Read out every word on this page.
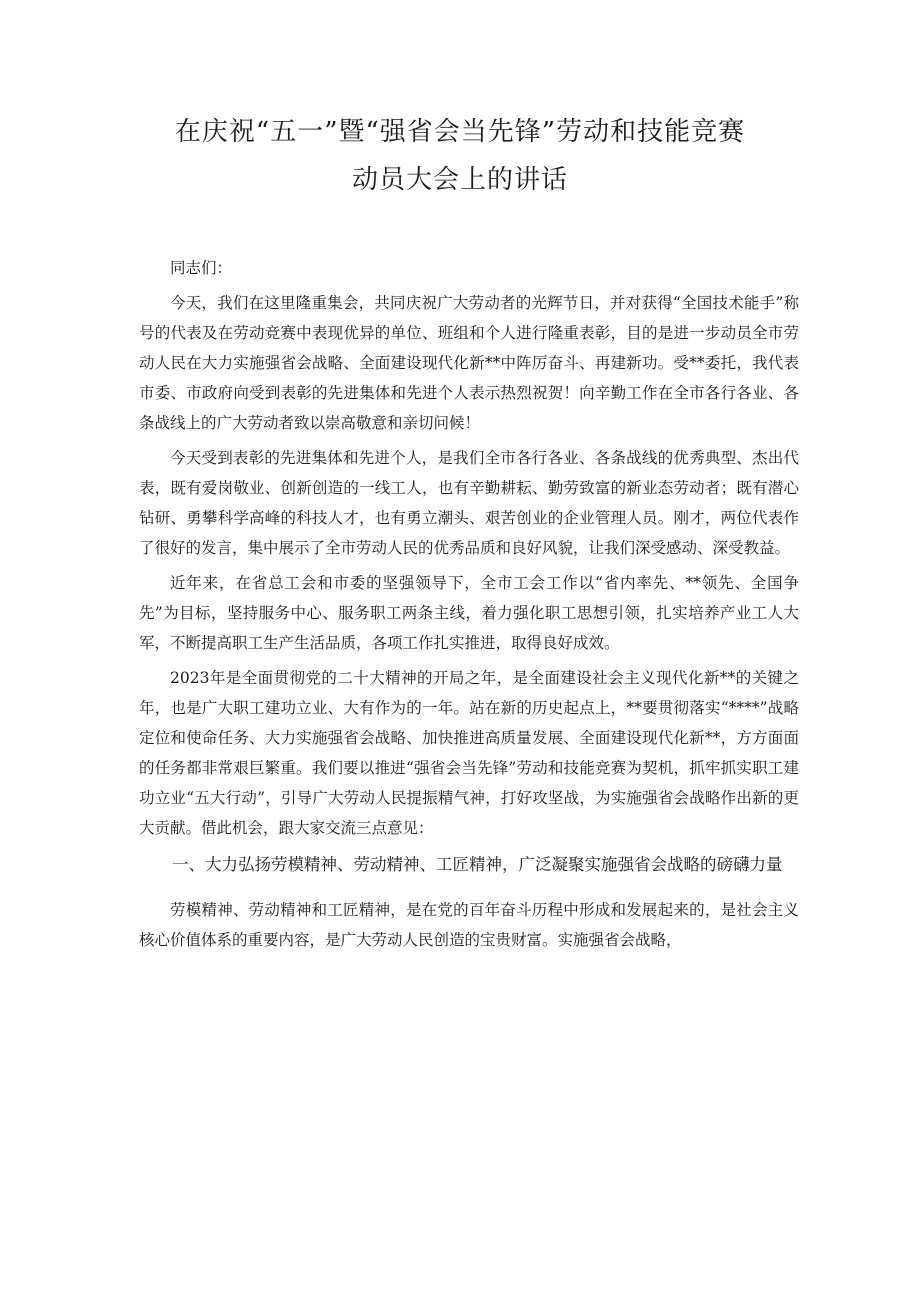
在庆祝“五一”暨“强省会当先锋”劳动和技能竞赛
动员大会上的讲话

同志们：

今天，我们在这里隆重集会，共同庆祝广大劳动者的光辉节日，并对获得“全国技术能手”称号的代表及在劳动竞赛中表现优异的单位、班组和个人进行隆重表彰，目的是进一步动员全市劳动人民在大力实施强省会战略、全面建设现代化新**中阵厉奋斗、再建新功。受**委托，我代表市委、市政府向受到表彰的先进集体和先进个人表示热烈祝贺！向辛勤工作在全市各行各业、各条战线上的广大劳动者致以崇高敬意和亲切问候！

今天受到表彰的先进集体和先进个人，是我们全市各行各业、各条战线的优秀典型、杰出代表，既有爱岗敬业、创新创造的一线工人，也有辛勤耕耘、勤劳致富的新业态劳动者；既有潜心钻研、勇攀科学高峰的科技人才，也有勇立潮头、艰苦创业的企业管理人员。刚才，两位代表作了很好的发言，集中展示了全市劳动人民的优秀品质和良好风貌，让我们深受感动、深受教益。

近年来，在省总工会和市委的坚强领导下，全市工会工作以“省内率先、**领先、全国争先”为目标，坚持服务中心、服务职工两条主线，着力强化职工思想引领，扎实培养产业工人大军，不断提高职工生产生活品质，各项工作扎实推进，取得良好成效。

2023年是全面贯彻党的二十大精神的开局之年，是全面建设社会主义现代化新**的关键之年，也是广大职工建功立业、大有作为的一年。站在新的历史起点上，**要贯彻落实“****”战略定位和使命任务、大力实施强省会战略、加快推进高质量发展、全面建设现代化新**，方方面面的任务都非常艰巨繁重。我们要以推进“强省会当先锋”劳动和技能竞赛为契机，抓牢抓实职工建功立业“五大行动”，引导广大劳动人民提振精气神，打好攻坚战，为实施强省会战略作出新的更大贡献。借此机会，跟大家交流三点意见：

一、大力弘扬劳模精神、劳动精神、工匠精神，广泛凝聚实施强省会战略的磅礴力量

劳模精神、劳动精神和工匠精神，是在党的百年奋斗历程中形成和发展起来的，是社会主义核心价值体系的重要内容，是广大劳动人民创造的宝贵财富。实施强省会战略，
